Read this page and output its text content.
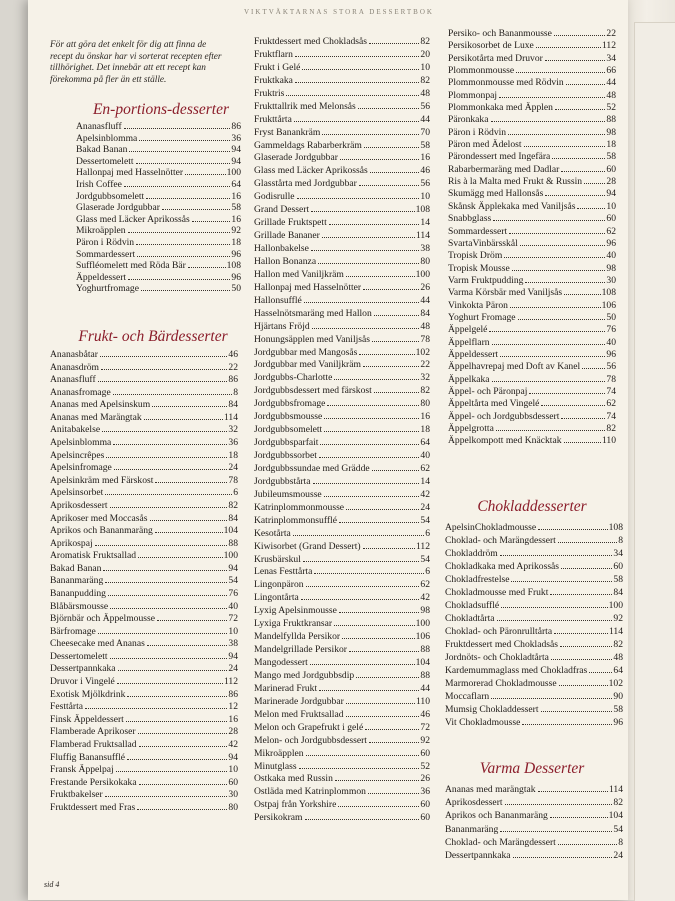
VIKTVÄKTARNAS STORA DESSERTBOK
För att göra det enkelt för dig att finna de recept du önskar har vi sorterat recepten efter tillhörighet. Det innebär att ett recept kan förekomma på fler än ett ställe.
En-portions-desserter
Ananasfluff	86
Apelsinblomma	36
Bakad Banan	94
Dessertomelett	94
Hallonpaj med Hasselnötter	100
Irish Coffee	64
Jordgubbsomelett	16
Glaserade Jordgubbar	58
Glass med Läcker Aprikossås	16
Mikroäpplen	92
Päron i Rödvin	18
Sommardessert	96
Suffléomelett med Röda Bär	108
Äppeldessert	96
Yoghurtfromage	50
Frukt- och Bärdesserter
Ananasbåtar	46
Ananasdröm	22
Ananasfluff	86
Ananasfromage	8
Ananas med Apelsinskum	84
Ananas med Marängtak	114
Anitabakelse	32
Apelsinblomma	36
Apelsincrêpes	18
Apelsinfromage	24
Apelsinkräm med Färskost	78
Apelsinsorbet	6
Aprikosdessert	82
Aprikoser med Moccasås	84
Aprikos och Bananmaräng	104
Aprikospaj	88
Aromatisk Fruktsallad	100
Bakad Banan	94
Bananmaräng	54
Bananpudding	76
Blåbärsmousse	40
Björnbär och Äppelmousse	72
Bärfromage	10
Cheesecake med Ananas	38
Dessertomelett	94
Dessertpannkaka	24
Druvor i Vingelé	112
Exotisk Mjölkdrink	86
Festtårta	12
Finsk Äppeldessert	16
Flamberade Aprikoser	28
Flamberad Fruktsallad	42
Fluffig Banansufflé	94
Fransk Äppelpaj	10
Frestande Persikokaka	60
Fruktbakelser	30
Fruktdessert med Fras	80
Fruktdessert med Chokladsås	82
Fruktflarn	20
Frukt i Gelé	10
Fruktkaka	82
Fruktris	48
Frukttallrik med Melonsås	56
Frukttårta	44
Fryst Banankräm	70
Gammeldags Rabarberkräm	58
Glaserade Jordgubbar	16
Glass med Läcker Aprikossås	46
Glasstårta med Jordgubbar	56
Godisrulle	10
Grand Dessert	108
Grillade Fruktspett	14
Grillade Bananer	114
Hallonbakelse	38
Hallon Bonanza	80
Hallon med Vaniljkräm	100
Hallonpaj med Hasselnötter	26
Hallonsufflé	44
Hasselnötsmaräng med Hallon	84
Hjärtans Fröjd	48
Honungsäpplen med Vaniljsås	78
Jordgubbar med Mangosås	102
Jordgubbar med Vaniljkräm	22
Jordgubbs-Charlotte	32
Jordgubbsdessert med färskost	82
Jordgubbsfromage	80
Jordgubbsmousse	16
Jordgubbsomelett	18
Jordgubbsparfait	64
Jordgubbssorbet	40
Jordgubbssundae med Grädde	62
Jordgubbstårta	14
Jubileumsmousse	42
Katrinplommonmousse	24
Katrinplommonsufflé	54
Kesotårta	6
Kiwisorbet (Grand Dessert)	112
Krusbärskul	54
Lenas Festtårta	6
Lingonpäron	62
Lingontårta	42
Lyxig Apelsinmousse	98
Lyxiga Fruktkransar	100
Mandelfyllda Persikor	106
Mandelgrillade Persikor	88
Mangodessert	104
Mango med Jordgubbsdip	88
Marinerad Frukt	44
Marinerade Jordgubbar	110
Melon med Fruktsallad	46
Melon och Grapefrukt i gelé	72
Melon- och Jordgubbsdessert	92
Mikroäpplen	60
Minutglass	52
Ostkaka med Russin	26
Ostläda med Katrinplommon	36
Ostpaj från Yorkshire	60
Persikokram	60
Persiko- och Bananmousse	22
Persikosorbet de Luxe	112
Persikotårta med Druvor	34
Plommonmousse	66
Plommonmousse med Rödvin	44
Plommonpaj	48
Plommonkaka med Äpplen	52
Päronkaka	88
Päron i Rödvin	98
Päron med Ädelost	18
Pärondessert med Ingefära	58
Rabarbermaräng med Dadlar	60
Ris à la Malta med Frukt & Russin	28
Skumägg med Hallonsås	94
Skånsk Äpplekaka med Vaniljsås	10
Snabbglass	60
Sommardessert	62
SvartaVinbärsskål	96
Tropisk Dröm	40
Tropisk Mousse	98
Varm Fruktpudding	30
Varma Körsbär med Vaniljsås	108
Vinkokta Päron	106
Yoghurt Fromage	50
Äppelgelé	76
Äppelflarn	40
Äppeldessert	96
Äppelhavrepaj med Doft av Kanel	56
Äppelkaka	78
Äppel- och Päronpaj	74
Äppeltårta med Vingelé	62
Äppel- och Jordgubbsdessert	74
Äppelgrotta	82
Äppelkompott med Knäcktak	110
Chokladdesserter
ApelsinChokladmousse	108
Choklad- och Marängdessert	8
Chokladdröm	34
Chokladkaka med Aprikossås	60
Chokladfrestelse	58
Chokladmousse med Frukt	84
Chokladsufflé	100
Chokladtårta	92
Choklad- och Päronrulltårta	114
Fruktdessert med Chokladsås	82
Jordnöts- och Chokladtårta	48
Kardemummaglass med Chokladfras	64
Marmorerad Chokladmousse	102
Moccaflarn	90
Mumsig Chokladdessert	58
Vit Chokladmousse	96
Varma Desserter
Ananas med marängtak	114
Aprikosdessert	82
Aprikos och Bananmaräng	104
Bananmaräng	54
Choklad- och Marängdessert	8
Dessertpannkaka	24
sid 4
